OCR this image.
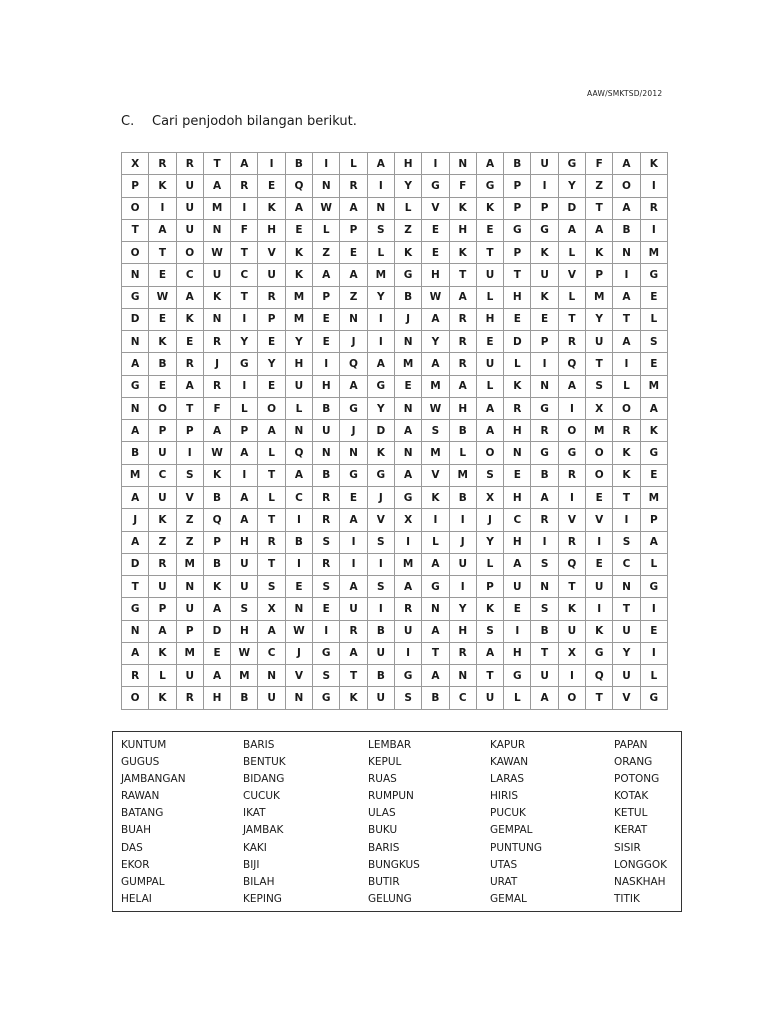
AAW/SMKTSD/2012
C. Cari penjodoh bilangan berikut.
X	R	R	T	A	I	B	I	L	A	H	I	N	A	B	U	G	F	A	K
P	K	U	A	R	E	Q	N	R	I	Y	G	F	G	P	I	Y	Z	O	I
O	I	U	M	I	K	A	W	A	N	L	V	K	K	P	P	D	T	A	R
T	A	U	N	F	H	E	L	P	S	Z	E	H	E	G	G	A	A	B	I
O	T	O	W	T	V	K	Z	E	L	K	E	K	T	P	K	L	K	N	M
N	E	C	U	C	U	K	A	A	M	G	H	T	U	T	U	V	P	I	G
G	W	A	K	T	R	M	P	Z	Y	B	W	A	L	H	K	L	M	A	E
D	E	K	N	I	P	M	E	N	I	J	A	R	H	E	E	T	Y	T	L
N	K	E	R	Y	E	Y	E	J	I	N	Y	R	E	D	P	R	U	A	S
A	B	R	J	G	Y	H	I	Q	A	M	A	R	U	L	I	Q	T	I	E
G	E	A	R	I	E	U	H	A	G	E	M	A	L	K	N	A	S	L	M
N	O	T	F	L	O	L	B	G	Y	N	W	H	A	R	G	I	X	O	A
A	P	P	A	P	A	N	U	J	D	A	S	B	A	H	R	O	M	R	K
B	U	I	W	A	L	Q	N	N	K	N	M	L	O	N	G	G	O	K	G
M	C	S	K	I	T	A	B	G	G	A	V	M	S	E	B	R	O	K	E
A	U	V	B	A	L	C	R	E	J	G	K	B	X	H	A	I	E	T	M
J	K	Z	Q	A	T	I	R	A	V	X	I	I	J	C	R	V	V	I	P
A	Z	Z	P	H	R	B	S	I	S	I	L	J	Y	H	I	R	I	S	A
D	R	M	B	U	T	I	R	I	I	M	A	U	L	A	S	Q	E	C	L
T	U	N	K	U	S	E	S	A	S	A	G	I	P	U	N	T	U	N	G
G	P	U	A	S	X	N	E	U	I	R	N	Y	K	E	S	K	I	T	I
N	A	P	D	H	A	W	I	R	B	U	A	H	S	I	B	U	K	U	E
A	K	M	E	W	C	J	G	A	U	I	T	R	A	H	T	X	G	Y	I
R	L	U	A	M	N	V	S	T	B	G	A	N	T	G	U	I	Q	U	L
O	K	R	H	B	U	N	G	K	U	S	B	C	U	L	A	O	T	V	G
KUNTUM
GUGUS
JAMBANGAN
RAWAN
BATANG
BUAH
DAS
EKOR
GUMPAL
HELAI
BARIS
BENTUK
BIDANG
CUCUK
IKAT
JAMBAK
KAKI
BIJI
BILAH
KEPING
LEMBAR
KEPUL
RUAS
RUMPUN
ULAS
BUKU
BARIS
BUNGKUS
BUTIR
GELUNG
KAPUR
KAWAN
LARAS
HIRIS
PUCUK
GEMPAL
PUNTUNG
UTAS
URAT
GEMAL
PAPAN
ORANG
POTONG
KOTAK
KETUL
KERAT
SISIR
LONGGOK
NASKHAH
TITIK
